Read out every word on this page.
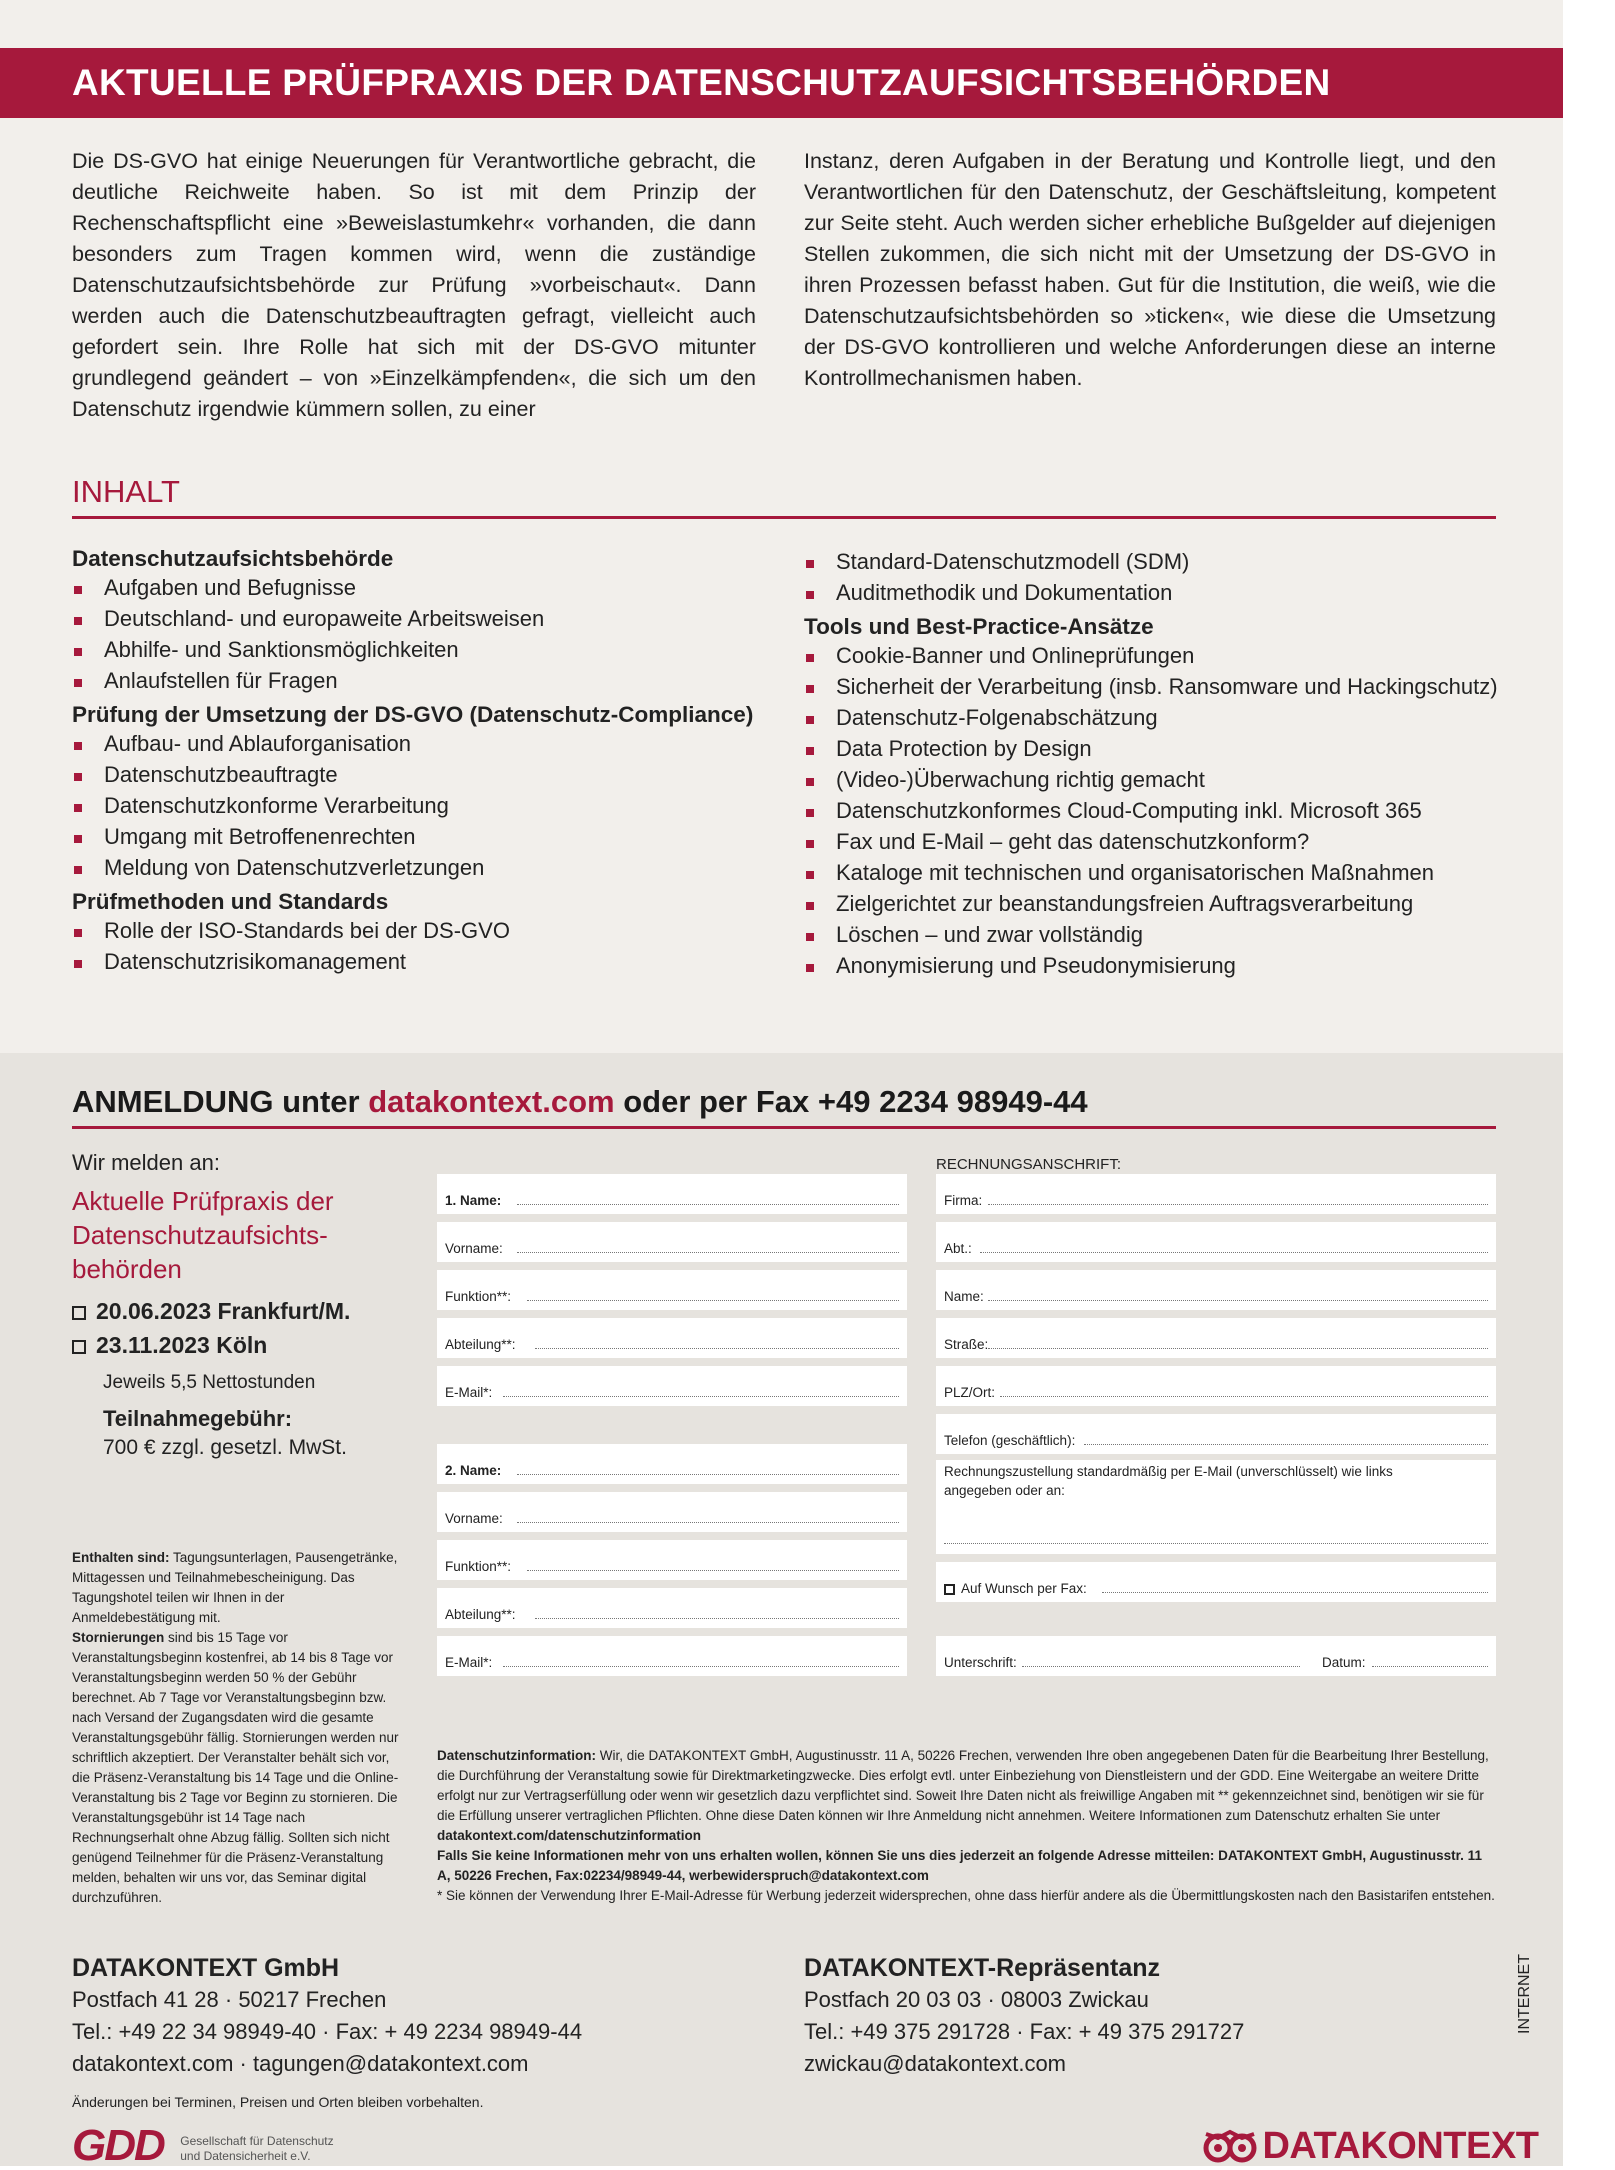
AKTUELLE PRÜFPRAXIS DER DATENSCHUTZAUFSICHTSBEHÖRDEN
Die DS-GVO hat einige Neuerungen für Verantwortliche gebracht, die deutliche Reichweite haben. So ist mit dem Prinzip der Rechenschaftspflicht eine »Beweislastumkehr« vorhanden, die dann besonders zum Tragen kommen wird, wenn die zuständige Datenschutzaufsichtsbehörde zur Prüfung »vorbeischaut«. Dann werden auch die Datenschutzbeauftragten gefragt, vielleicht auch gefordert sein. Ihre Rolle hat sich mit der DS-GVO mitunter grundlegend geändert – von »Einzelkämpfenden«, die sich um den Datenschutz irgendwie kümmern sollen, zu einer
Instanz, deren Aufgaben in der Beratung und Kontrolle liegt, und den Verantwortlichen für den Datenschutz, der Geschäftsleitung, kompetent zur Seite steht. Auch werden sicher erhebliche Bußgelder auf diejenigen Stellen zukommen, die sich nicht mit der Umsetzung der DS-GVO in ihren Prozessen befasst haben. Gut für die Institution, die weiß, wie die Datenschutzaufsichtsbehörden so »ticken«, wie diese die Umsetzung der DS-GVO kontrollieren und welche Anforderungen diese an interne Kontrollmechanismen haben.
INHALT
Datenschutzaufsichtsbehörde
Aufgaben und Befugnisse
Deutschland- und europaweite Arbeitsweisen
Abhilfe- und Sanktionsmöglichkeiten
Anlaufstellen für Fragen
Prüfung der Umsetzung der DS-GVO (Datenschutz-Compliance)
Aufbau- und Ablauforganisation
Datenschutzbeauftragte
Datenschutzkonforme Verarbeitung
Umgang mit Betroffenenrechten
Meldung von Datenschutzverletzungen
Prüfmethoden und Standards
Rolle der ISO-Standards bei der DS-GVO
Datenschutzrisikomanagement
Standard-Datenschutzmodell (SDM)
Auditmethodik und Dokumentation
Tools und Best-Practice-Ansätze
Cookie-Banner und Onlineprüfungen
Sicherheit der Verarbeitung (insb. Ransomware und Hackingschutz)
Datenschutz-Folgenabschätzung
Data Protection by Design
(Video-)Überwachung richtig gemacht
Datenschutzkonformes Cloud-Computing inkl. Microsoft 365
Fax und E-Mail – geht das datenschutzkonform?
Kataloge mit technischen und organisatorischen Maßnahmen
Zielgerichtet zur beanstandungsfreien Auftragsverarbeitung
Löschen – und zwar vollständig
Anonymisierung und Pseudonymisierung
ANMELDUNG unter datakontext.com oder per Fax +49 2234 98949-44
Wir melden an:
Aktuelle Prüfpraxis der Datenschutzaufsichts-behörden
20.06.2023 Frankfurt/M.
23.11.2023 Köln
Jeweils 5,5 Nettostunden
Teilnahmegebühr:
700 € zzgl. gesetzl. MwSt.
Enthalten sind: Tagungsunterlagen, Pausengetränke, Mittagessen und Teilnahmebescheinigung. Das Tagungshotel teilen wir Ihnen in der Anmeldebestätigung mit.
Stornierungen sind bis 15 Tage vor Veranstaltungsbeginn kostenfrei, ab 14 bis 8 Tage vor Veranstaltungsbeginn werden 50 % der Gebühr berechnet. Ab 7 Tage vor Veranstaltungsbeginn bzw. nach Versand der Zugangsdaten wird die gesamte Veranstaltungsgebühr fällig. Stornierungen werden nur schriftlich akzeptiert. Der Veranstalter behält sich vor, die Präsenz-Veranstaltung bis 14 Tage und die Online-Veranstaltung bis 2 Tage vor Beginn zu stornieren. Die Veranstaltungsgebühr ist 14 Tage nach Rechnungserhalt ohne Abzug fällig. Sollten sich nicht genügend Teilnehmer für die Präsenz-Veranstaltung melden, behalten wir uns vor, das Seminar digital durchzuführen.
1. Name:
Vorname:
Funktion**:
Abteilung**:
E-Mail*:
2. Name:
Vorname:
Funktion**:
Abteilung**:
E-Mail*:
RECHNUNGSANSCHRIFT:
Firma:
Abt.:
Name:
Straße:
PLZ/Ort:
Telefon (geschäftlich):
Rechnungszustellung standardmäßig per E-Mail (unverschlüsselt) wie links angegeben oder an:
Auf Wunsch per Fax:
Unterschrift:	Datum:
Datenschutzinformation: Wir, die DATAKONTEXT GmbH, Augustinusstr. 11 A, 50226 Frechen, verwenden Ihre oben angegebenen Daten für die Bearbeitung Ihrer Bestellung, die Durchführung der Veranstaltung sowie für Direktmarketingzwecke. Dies erfolgt evtl. unter Einbeziehung von Dienstleistern und der GDD. Eine Weitergabe an weitere Dritte erfolgt nur zur Vertragserfüllung oder wenn wir gesetzlich dazu verpflichtet sind. Soweit Ihre Daten nicht als freiwillige Angaben mit ** gekennzeichnet sind, benötigen wir sie für die Erfüllung unserer vertraglichen Pflichten. Ohne diese Daten können wir Ihre Anmeldung nicht annehmen. Weitere Informationen zum Datenschutz erhalten Sie unter datakontext.com/datenschutzinformation
Falls Sie keine Informationen mehr von uns erhalten wollen, können Sie uns dies jederzeit an folgende Adresse mitteilen: DATAKONTEXT GmbH, Augustinusstr. 11 A, 50226 Frechen, Fax:02234/98949-44, werbewiderspruch@datakontext.com
* Sie können der Verwendung Ihrer E-Mail-Adresse für Werbung jederzeit widersprechen, ohne dass hierfür andere als die Übermittlungskosten nach den Basistarifen entstehen.
DATAKONTEXT GmbH
Postfach 41 28 · 50217 Frechen
Tel.: +49 22 34 98949-40 · Fax: + 49 2234 98949-44
datakontext.com · tagungen@datakontext.com
DATAKONTEXT-Repräsentanz
Postfach 20 03 03 · 08003 Zwickau
Tel.: +49 375 291728 · Fax: + 49 375 291727
zwickau@datakontext.com
Änderungen bei Terminen, Preisen und Orten bleiben vorbehalten.
GDD Gesellschaft für Datenschutz
und Datensicherheit e.V.	DATAKONTEXT
